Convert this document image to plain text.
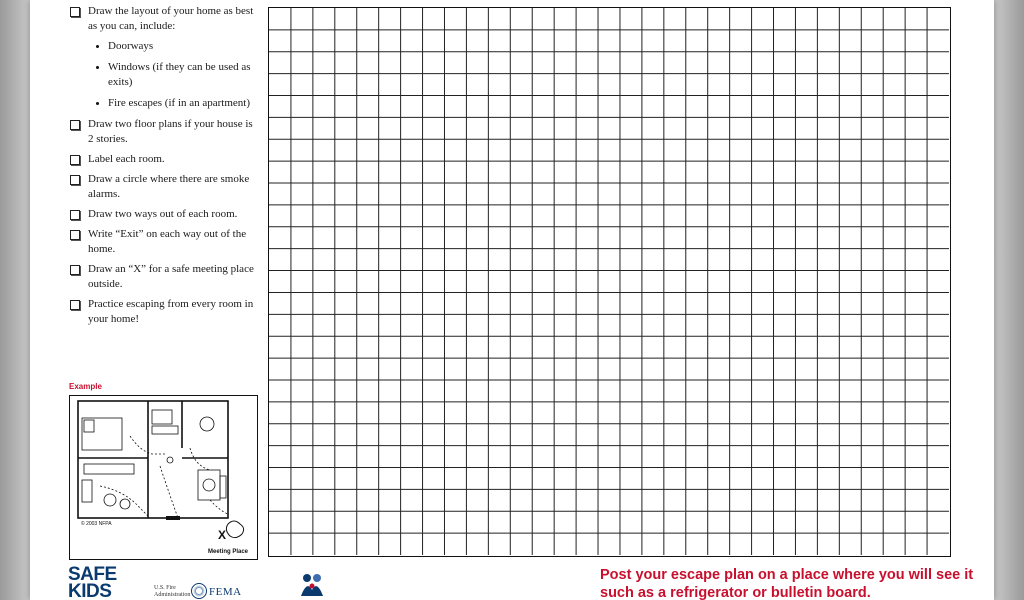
Draw the layout of your home as best as you can, include:
Doorways
Windows (if they can be used as exits)
Fire escapes (if in an apartment)
Draw two floor plans if your house is 2 stories.
Label each room.
Draw a circle where there are smoke alarms.
Draw two ways out of each room.
Write “Exit” on each way out of the home.
Draw an “X” for a safe meeting place outside.
Practice escaping from every room in your home!
Example
X
© 2003 NFPA
Meeting Place
SAFE
KIDS	U.S. Fire Administration	FEMA
Post your escape plan on a place where you will see it such as a refrigerator or bulletin board.
